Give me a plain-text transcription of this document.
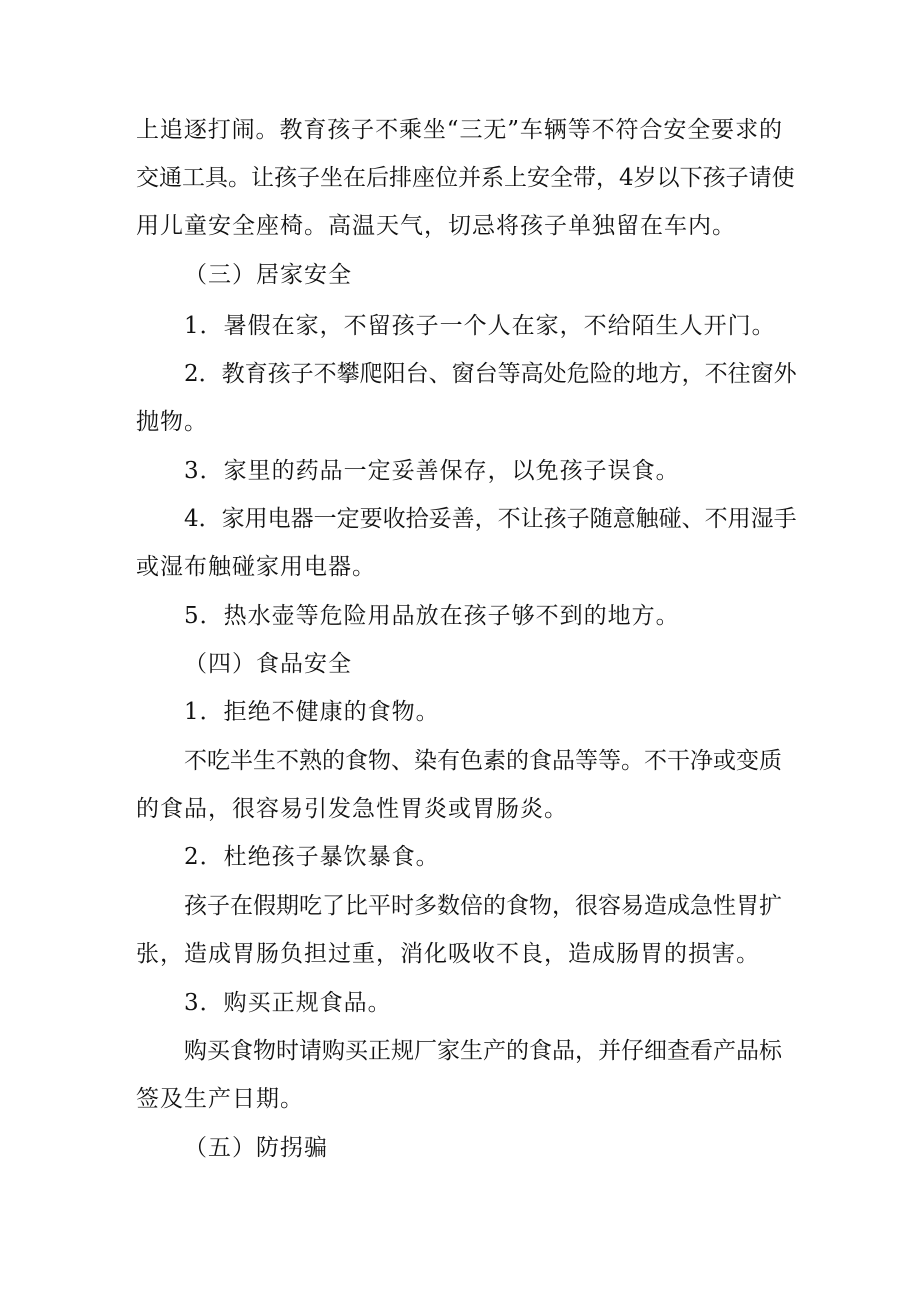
上追逐打闹。教育孩子不乘坐“三无”车辆等不符合安全要求的
交通工具。让孩子坐在后排座位并系上安全带，4岁以下孩子请使
用儿童安全座椅。高温天气，切忌将孩子单独留在车内。
（三）居家安全
1．暑假在家，不留孩子一个人在家，不给陌生人开门。
2．教育孩子不攀爬阳台、窗台等高处危险的地方，不往窗外
抛物。
3．家里的药品一定妥善保存，以免孩子误食。
4．家用电器一定要收拾妥善，不让孩子随意触碰、不用湿手
或湿布触碰家用电器。
5．热水壶等危险用品放在孩子够不到的地方。
（四）食品安全
1．拒绝不健康的食物。
不吃半生不熟的食物、染有色素的食品等等。不干净或变质
的食品，很容易引发急性胃炎或胃肠炎。
2．杜绝孩子暴饮暴食。
孩子在假期吃了比平时多数倍的食物，很容易造成急性胃扩
张，造成胃肠负担过重，消化吸收不良，造成肠胃的损害。
3．购买正规食品。
购买食物时请购买正规厂家生产的食品，并仔细查看产品标
签及生产日期。
（五）防拐骗
